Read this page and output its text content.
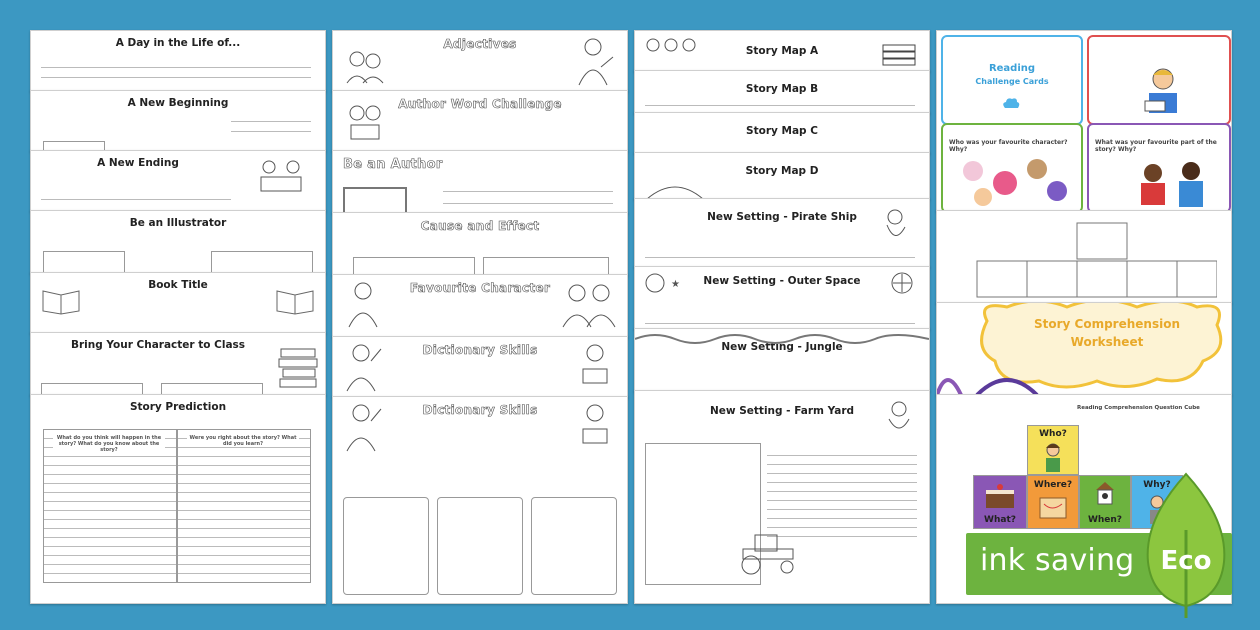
A Day in the Life of...
A New Beginning
A New Ending
Be an Illustrator
Book Title
Bring Your Character to Class
Story Prediction
What do you think will happen in the story? What do you know about the story?
Were you right about the story? What did you learn?
Adjectives
Author Word Challenge
Be an Author
Cause and Effect
Favourite Character
Dictionary Skills
Dictionary Skills
Story Map A
Story Map B
Story Map C
Story Map D
New Setting - Pirate Ship
New Setting - Outer Space
★
New Setting - Jungle
New Setting - Farm Yard
Reading
Challenge Cards
Who was your favourite character? Why?
What was your favourite part of the story? Why?
Story Comprehension
Worksheet
Reading Comprehension Question Cube
Who?
What?
Where?
When?
Why?
ink saving	Eco
